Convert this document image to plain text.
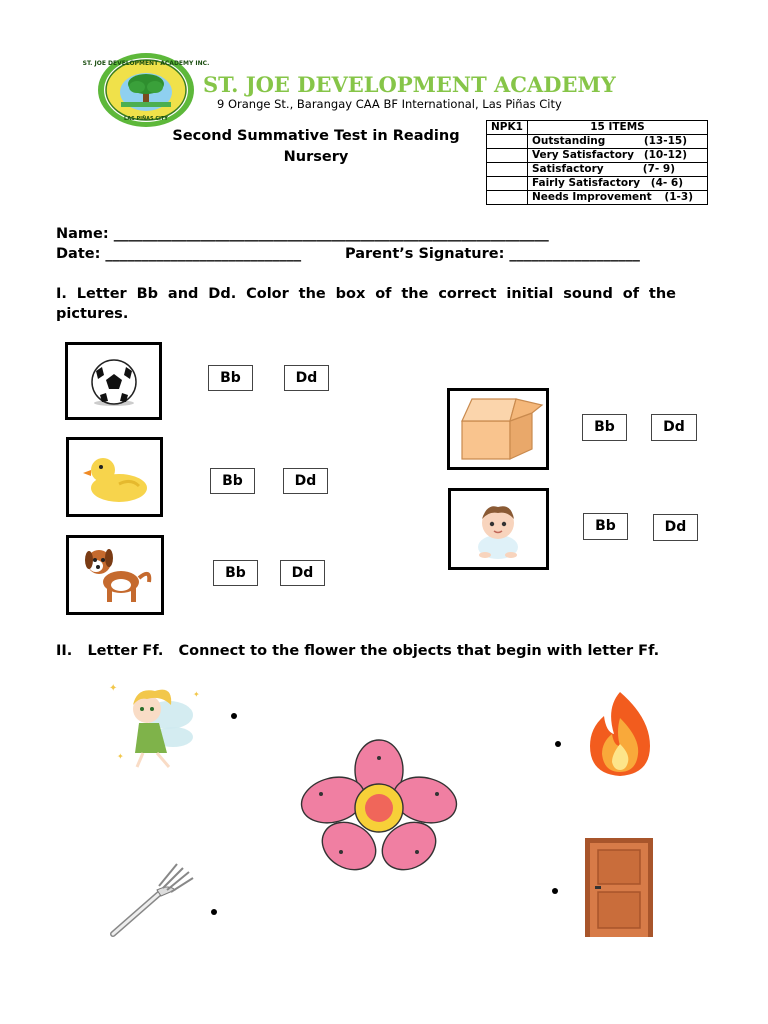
ST. JOE DEVELOPMENT ACADEMY INC.
LAS PIÑAS CITY
ST. JOE DEVELOPMENT ACADEMY
9 Orange St., Barangay CAA BF International, Las Piñas City
Second Summative Test in Reading
Nursery
NPK1	15 ITEMS
	Outstanding (13-15)

	Very Satisfactory (10-12)

	Satisfactory (7- 9)

	Fairly Satisfactory (4- 6)

	Needs Improvement (1-3)
Name: ____________________________________________________________
Date: ___________________________	Parent’s Signature: __________________
I. Letter Bb and Dd. Color the box of the correct initial sound of the pictures.
Bb	Dd
Bb	Dd
Bb	Dd
Bb	Dd
Bb	Dd
II.   Letter Ff.   Connect to the flower the objects that begin with letter Ff.
✦
✦
✦
